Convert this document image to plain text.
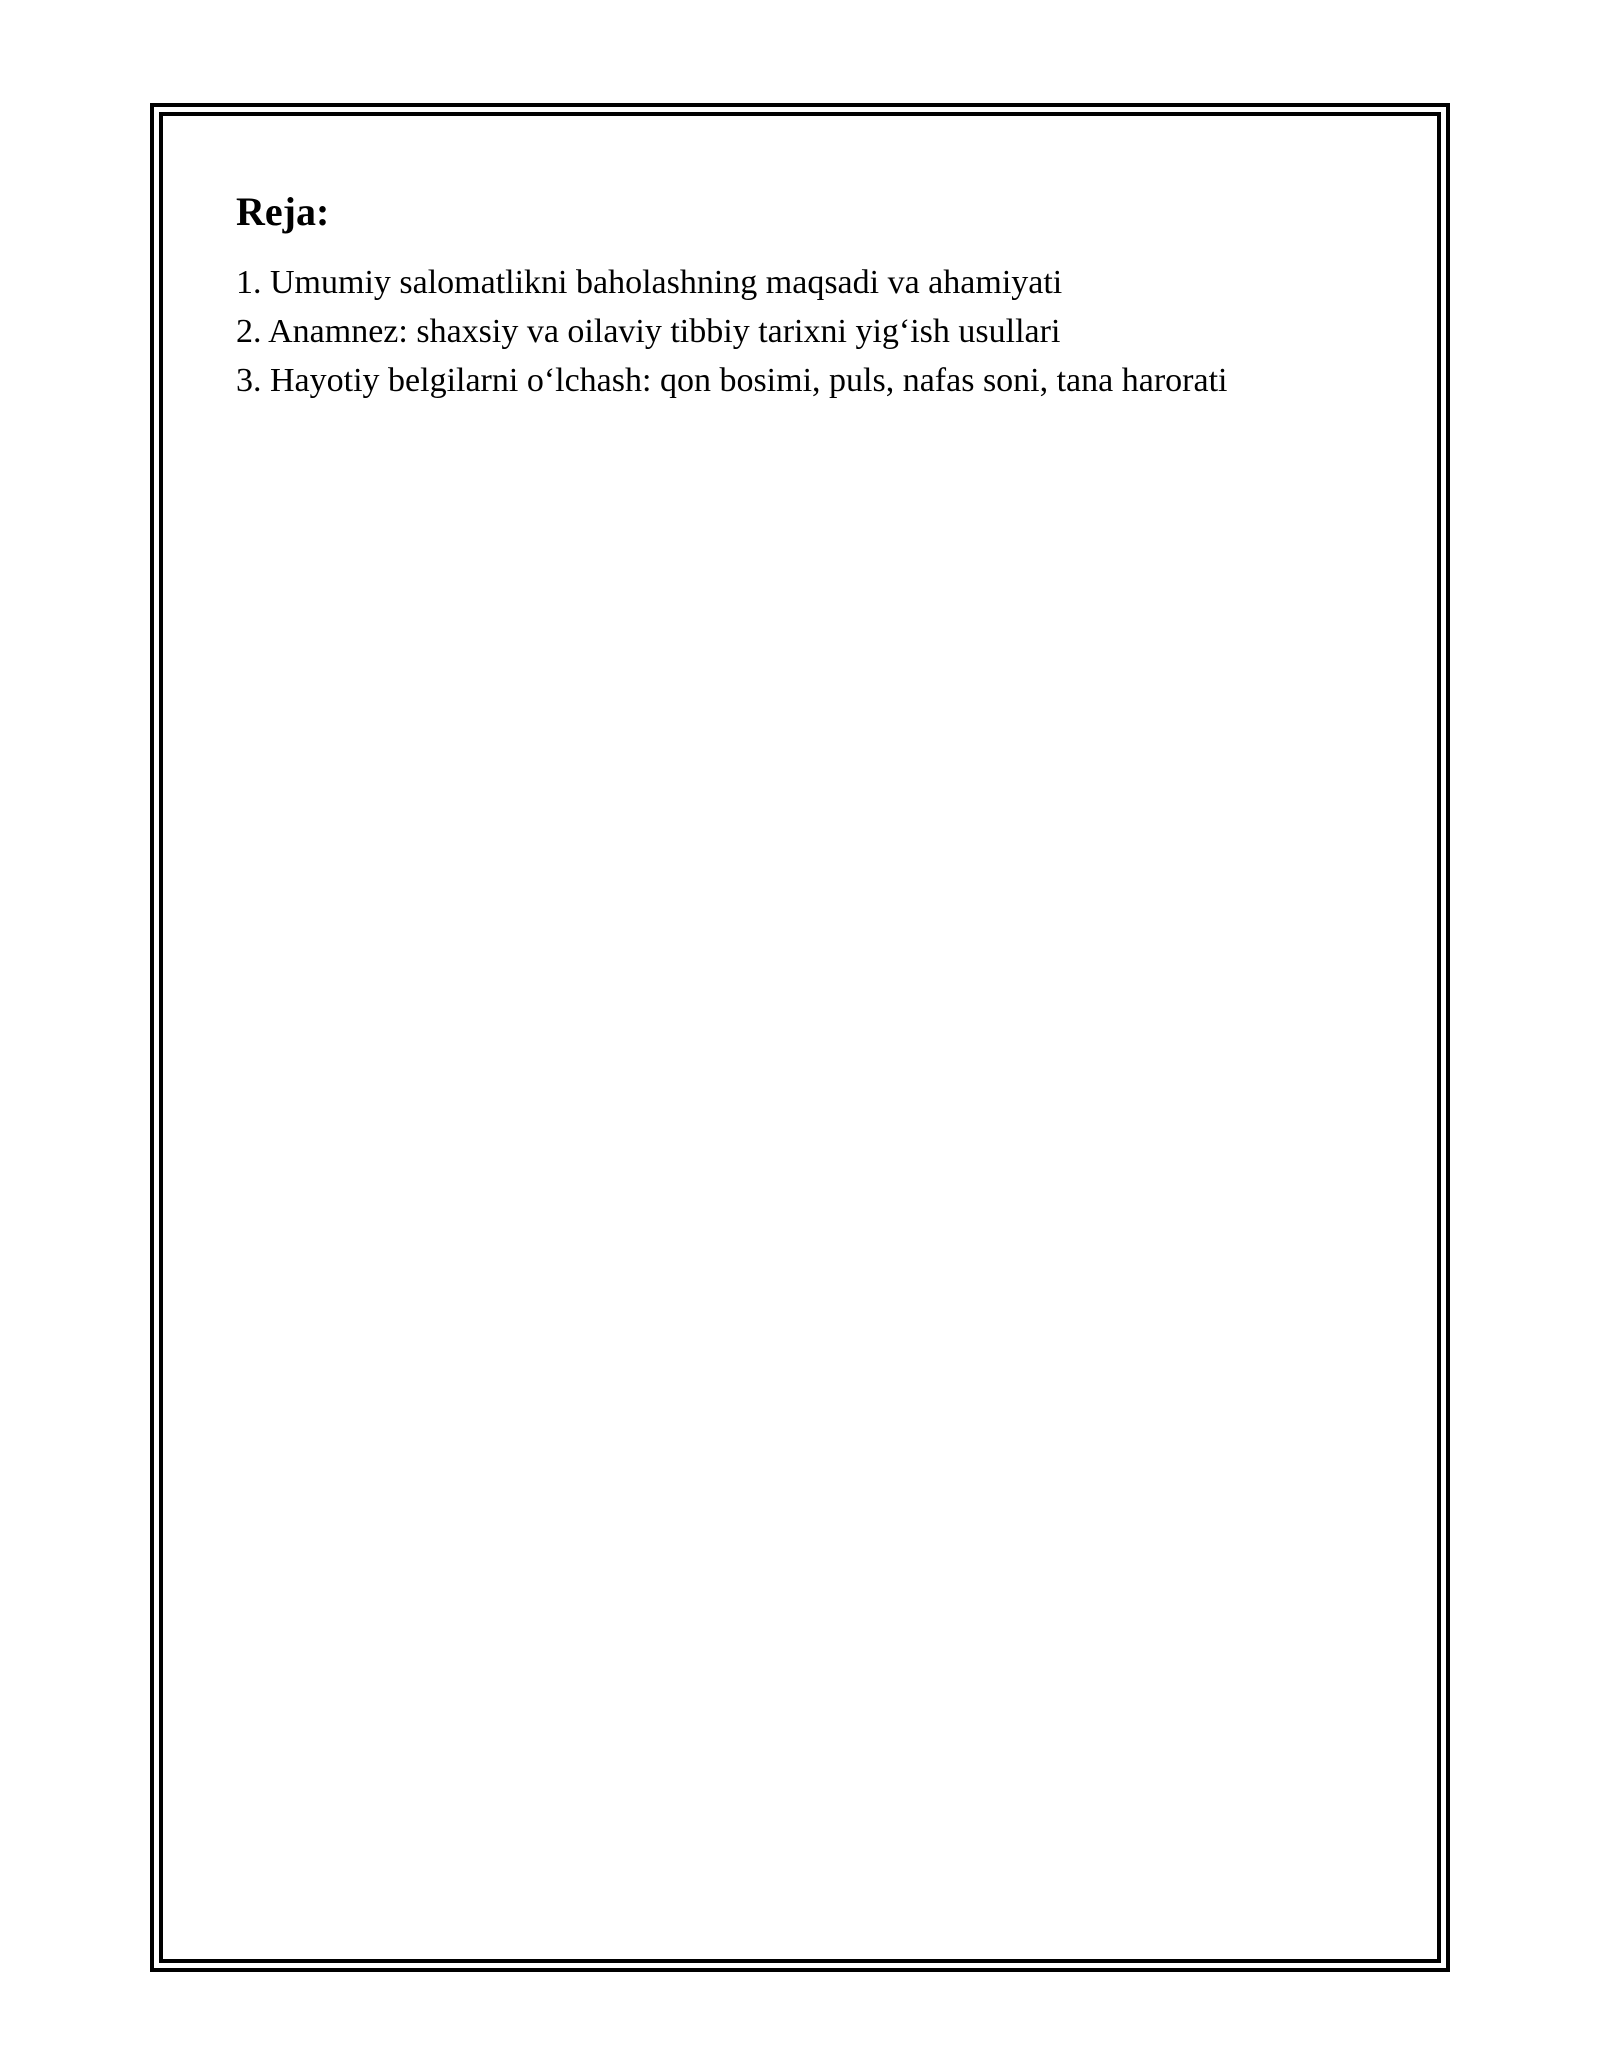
Reja:
1. Umumiy salomatlikni baholashning maqsadi va ahamiyati
2. Anamnez: shaxsiy va oilaviy tibbiy tarixni yig‘ish usullari
3. Hayotiy belgilarni o‘lchash: qon bosimi, puls, nafas soni, tana harorati
